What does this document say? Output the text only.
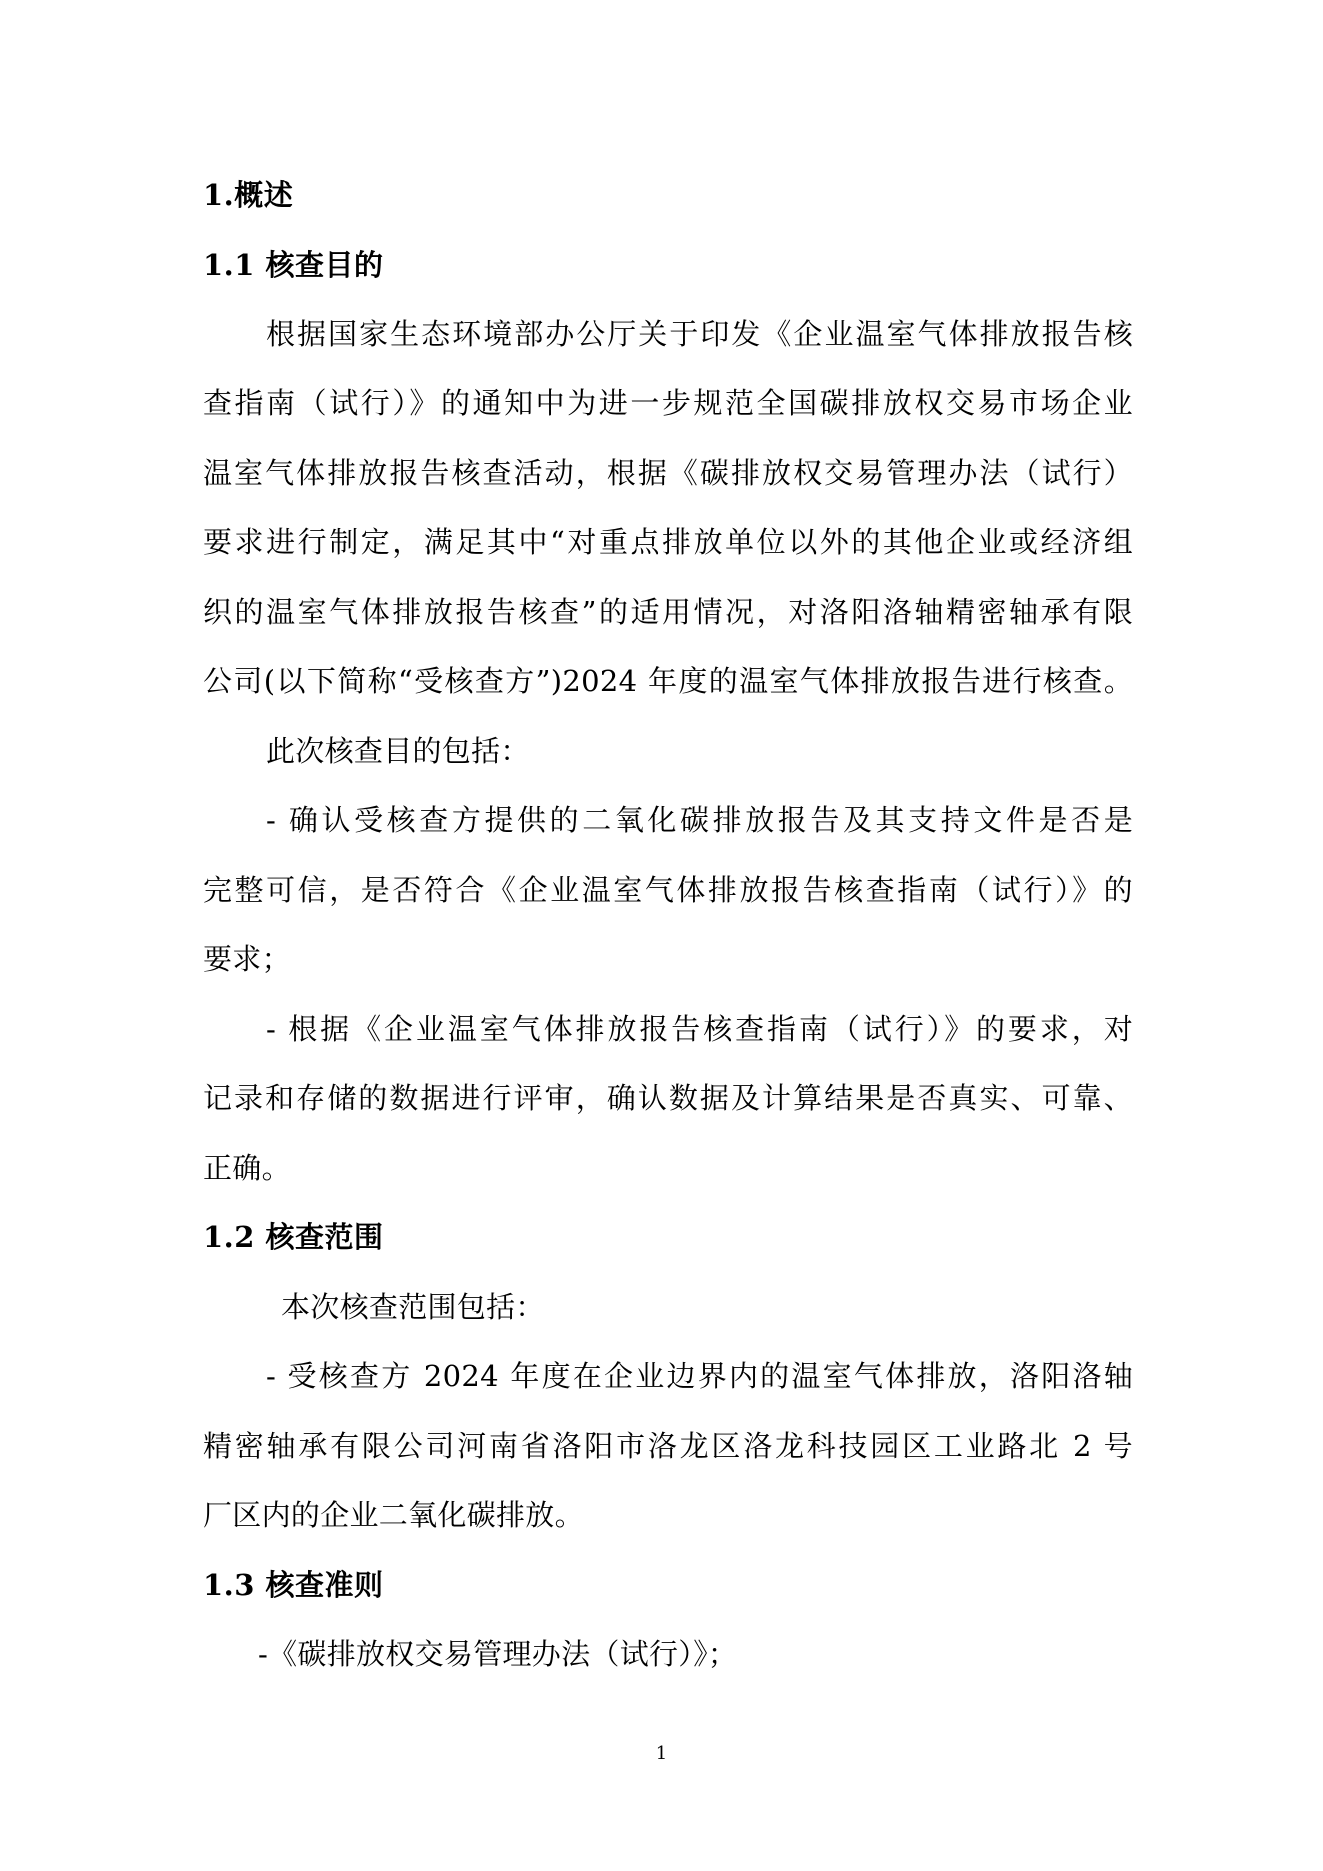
1.概述
1.1 核查目的
根据国家生态环境部办公厅关于印发《企业温室气体排放报告核
查指南（试行）》的通知中为进一步规范全国碳排放权交易市场企业
温室气体排放报告核查活动，根据《碳排放权交易管理办法（试行）
要求进行制定，满足其中“对重点排放单位以外的其他企业或经济组
织的温室气体排放报告核查”的适用情况，对洛阳洛轴精密轴承有限
公司(以下简称“受核查方”)2024 年度的温室气体排放报告进行核查。
此次核查目的包括：
- 确认受核查方提供的二氧化碳排放报告及其支持文件是否是
完整可信，是否符合《企业温室气体排放报告核查指南（试行）》的
要求；
- 根据《企业温室气体排放报告核查指南（试行）》的要求，对
记录和存储的数据进行评审，确认数据及计算结果是否真实、可靠、
正确。
1.2 核查范围
本次核查范围包括：
- 受核查方 2024 年度在企业边界内的温室气体排放，洛阳洛轴
精密轴承有限公司河南省洛阳市洛龙区洛龙科技园区工业路北 2 号
厂区内的企业二氧化碳排放。
1.3 核查准则
-《碳排放权交易管理办法（试行）》；
1
